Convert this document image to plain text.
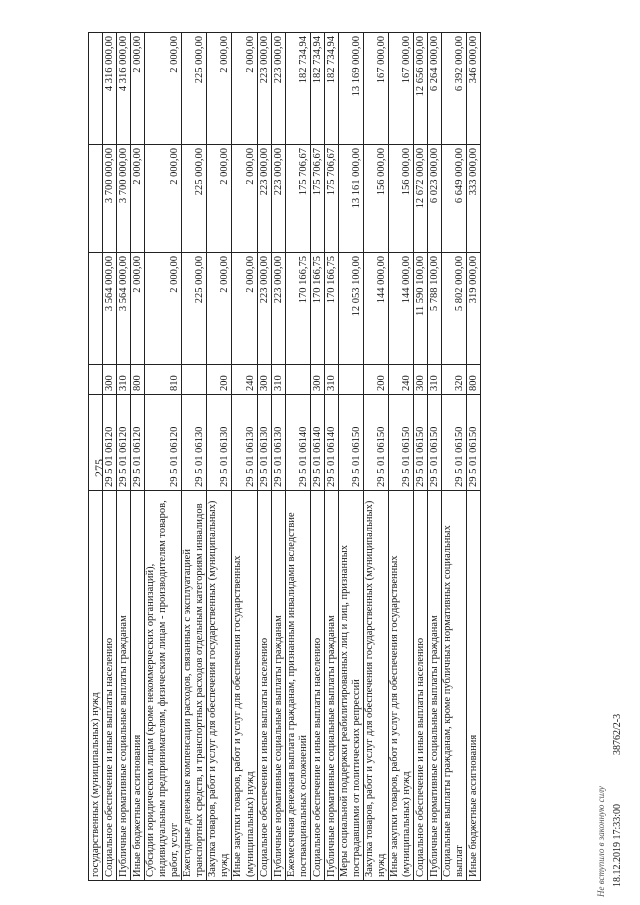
275
государственных (муниципальных) нужд					
Социальное обеспечение и иные выплаты населению	29 5 01 06120	300	3 564 000,00	3 700 000,00	4 316 000,00
Публичные нормативные социальные выплаты гражданам	29 5 01 06120	310	3 564 000,00	3 700 000,00	4 316 000,00
Иные бюджетные ассигнования	29 5 01 06120	800	2 000,00	2 000,00	2 000,00
Субсидии юридическим лицам (кроме некоммерческих организаций), индивидуальным предпринимателям, физическим лицам - производителям товаров, работ, услуг	29 5 01 06120	810	2 000,00	2 000,00	2 000,00
Ежегодные денежные компенсации расходов, связанных с эксплуатацией транспортных средств, и транспортных расходов отдельным категориям инвалидов	29 5 01 06130		225 000,00	225 000,00	225 000,00
Закупка товаров, работ и услуг для обеспечения государственных (муниципальных) нужд	29 5 01 06130	200	2 000,00	2 000,00	2 000,00
Иные закупки товаров, работ и услуг для обеспечения государственных (муниципальных) нужд	29 5 01 06130	240	2 000,00	2 000,00	2 000,00
Социальное обеспечение и иные выплаты населению	29 5 01 06130	300	223 000,00	223 000,00	223 000,00
Публичные нормативные социальные выплаты гражданам	29 5 01 06130	310	223 000,00	223 000,00	223 000,00
Ежемесячная денежная выплата гражданам, признанным инвалидами вследствие поствакцинальных осложнений	29 5 01 06140		170 166,75	175 706,67	182 734,94
Социальное обеспечение и иные выплаты населению	29 5 01 06140	300	170 166,75	175 706,67	182 734,94
Публичные нормативные социальные выплаты гражданам	29 5 01 06140	310	170 166,75	175 706,67	182 734,94
Меры социальной поддержки реабилитированных лиц и лиц, признанных пострадавшими от политических репрессий	29 5 01 06150		12 053 100,00	13 161 000,00	13 169 000,00
Закупка товаров, работ и услуг для обеспечения государственных (муниципальных) нужд	29 5 01 06150	200	144 000,00	156 000,00	167 000,00
Иные закупки товаров, работ и услуг для обеспечения государственных (муниципальных) нужд	29 5 01 06150	240	144 000,00	156 000,00	167 000,00
Социальное обеспечение и иные выплаты населению	29 5 01 06150	300	11 590 100,00	12 672 000,00	12 656 000,00
Публичные нормативные социальные выплаты гражданам	29 5 01 06150	310	5 788 100,00	6 023 000,00	6 264 000,00
Социальные выплаты гражданам, кроме публичных нормативных социальных выплат	29 5 01 06150	320	5 802 000,00	6 649 000,00	6 392 000,00
Иные бюджетные ассигнования	29 5 01 06150	800	319 000,00	333 000,00	346 000,00
Не вступило в законную силу 18.12.2019 17:33:00
38762/2-3
